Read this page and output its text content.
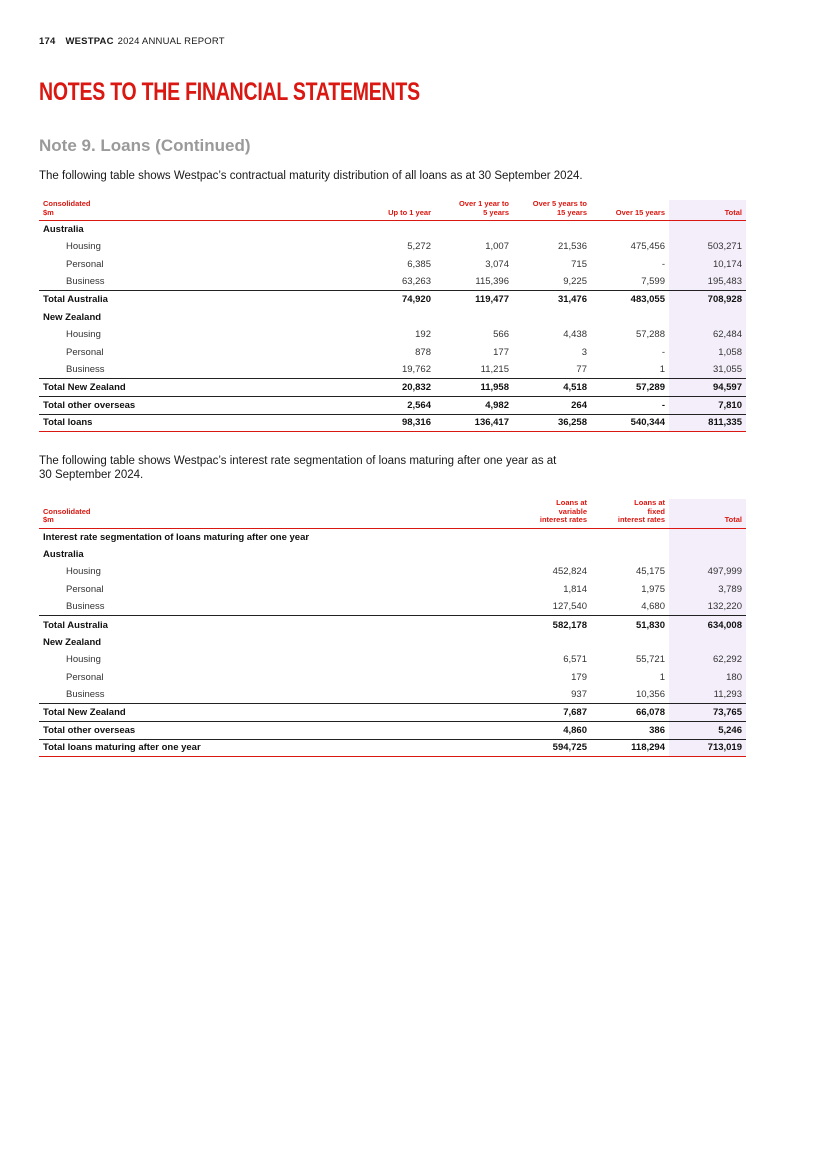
174 WESTPAC 2024 ANNUAL REPORT
NOTES TO THE FINANCIAL STATEMENTS
Note 9. Loans (Continued)

The following table shows Westpac’s contractual maturity distribution of all loans as at 30 September 2024.

Consolidated
$m	Up to 1 year	Over 1 year to
5 years	Over 5 years to
15 years	Over 15 years	Total
Australia					
Housing	5,272	1,007	21,536	475,456	503,271
Personal	6,385	3,074	715	-	10,174
Business	63,263	115,396	9,225	7,599	195,483
Total Australia	74,920	119,477	31,476	483,055	708,928
New Zealand					
Housing	192	566	4,438	57,288	62,484
Personal	878	177	3	-	1,058
Business	19,762	11,215	77	1	31,055
Total New Zealand	20,832	11,958	4,518	57,289	94,597
Total other overseas	2,564	4,982	264	-	7,810
Total loans	98,316	136,417	36,258	540,344	811,335

The following table shows Westpac’s interest rate segmentation of loans maturing after one year as at
30 September 2024.

Consolidated
$m	Loans at
variable
interest rates	Loans at
fixed
interest rates	Total
Interest rate segmentation of loans maturing after one year			
Australia			
Housing	452,824	45,175	497,999
Personal	1,814	1,975	3,789
Business	127,540	4,680	132,220
Total Australia	582,178	51,830	634,008
New Zealand			
Housing	6,571	55,721	62,292
Personal	179	1	180
Business	937	10,356	11,293
Total New Zealand	7,687	66,078	73,765
Total other overseas	4,860	386	5,246
Total loans maturing after one year	594,725	118,294	713,019
